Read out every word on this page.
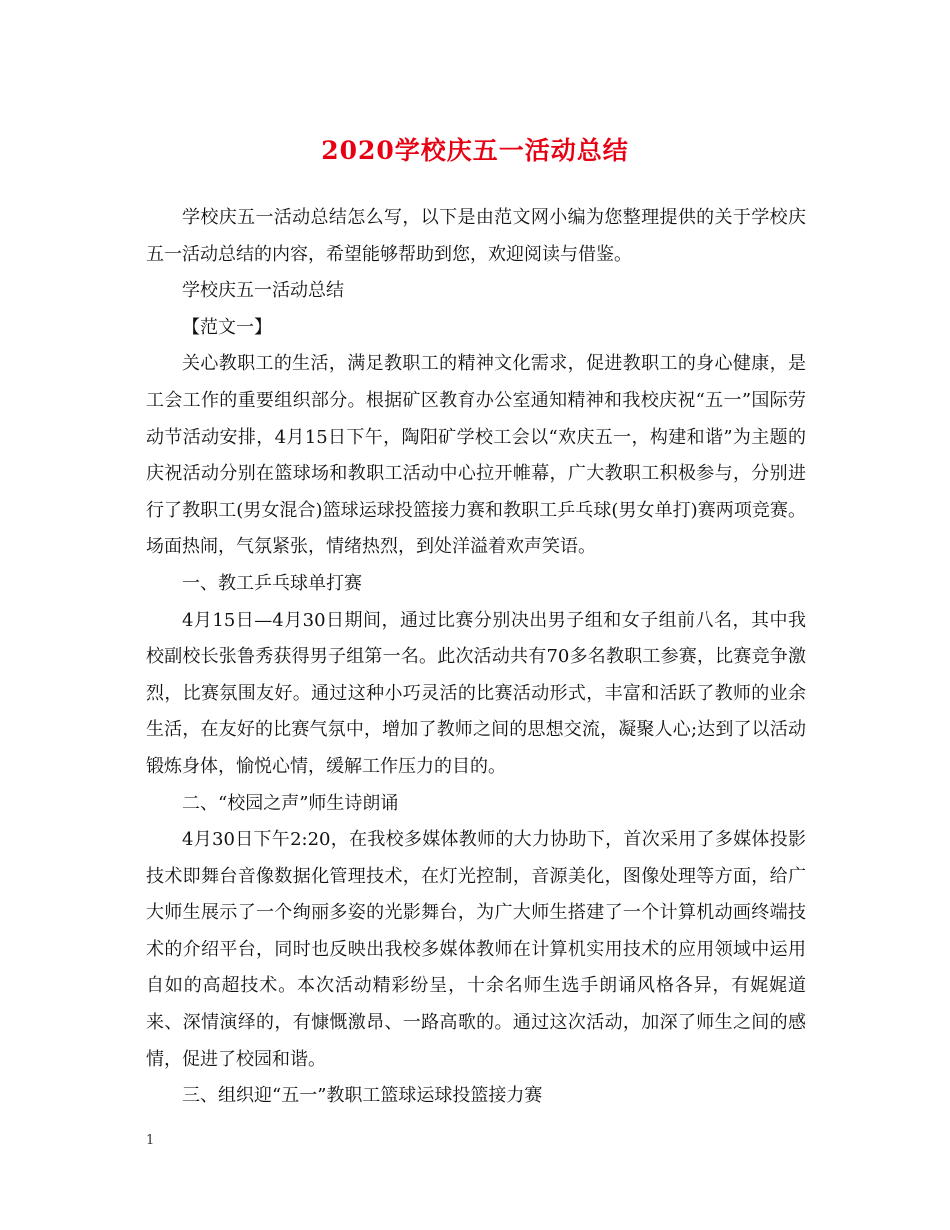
2020学校庆五一活动总结

学校庆五一活动总结怎么写，以下是由范文网小编为您整理提供的关于学校庆五一活动总结的内容，希望能够帮助到您，欢迎阅读与借鉴。

学校庆五一活动总结

【范文一】

关心教职工的生活，满足教职工的精神文化需求，促进教职工的身心健康，是工会工作的重要组织部分。根据矿区教育办公室通知精神和我校庆祝“五一”国际劳动节活动安排，4月15日下午，陶阳矿学校工会以“欢庆五一，构建和谐”为主题的庆祝活动分别在篮球场和教职工活动中心拉开帷幕，广大教职工积极参与，分别进行了教职工(男女混合)篮球运球投篮接力赛和教职工乒乓球(男女单打)赛两项竞赛。场面热闹，气氛紧张，情绪热烈，到处洋溢着欢声笑语。

一、教工乒乓球单打赛

4月15日—4月30日期间，通过比赛分别决出男子组和女子组前八名，其中我校副校长张鲁秀获得男子组第一名。此次活动共有70多名教职工参赛，比赛竞争激烈，比赛氛围友好。通过这种小巧灵活的比赛活动形式，丰富和活跃了教师的业余生活，在友好的比赛气氛中，增加了教师之间的思想交流，凝聚人心;达到了以活动锻炼身体，愉悦心情，缓解工作压力的目的。

二、“校园之声”师生诗朗诵

4月30日下午2:20，在我校多媒体教师的大力协助下，首次采用了多媒体投影技术即舞台音像数据化管理技术，在灯光控制，音源美化，图像处理等方面，给广大师生展示了一个绚丽多姿的光影舞台，为广大师生搭建了一个计算机动画终端技术的介绍平台，同时也反映出我校多媒体教师在计算机实用技术的应用领域中运用自如的高超技术。本次活动精彩纷呈，十余名师生选手朗诵风格各异，有娓娓道来、深情演绎的，有慷慨激昂、一路高歌的。通过这次活动，加深了师生之间的感情，促进了校园和谐。

三、组织迎“五一”教职工篮球运球投篮接力赛

1
